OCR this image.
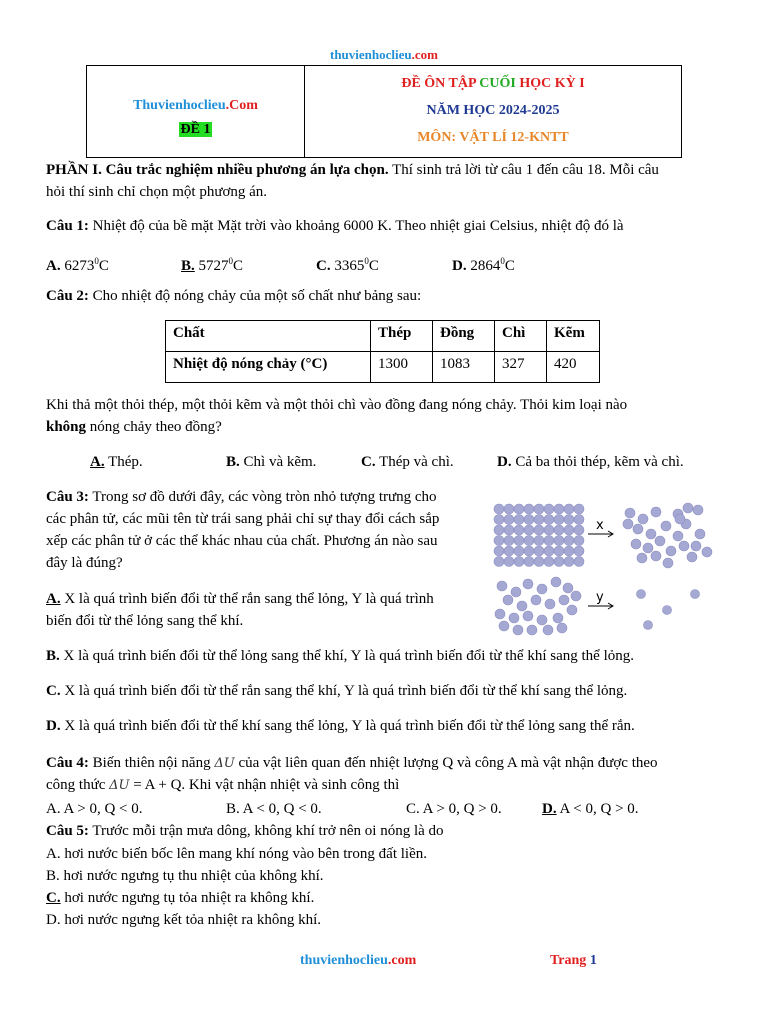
thuvienhoclieu.com
Thuvienhoclieu.Com
ĐỀ 1
ĐỀ ÔN TẬP CUỐI HỌC KỲ I
NĂM HỌC 2024-2025
MÔN: VẬT LÍ 12-KNTT
PHẦN I. Câu trắc nghiệm nhiều phương án lựa chọn. Thí sinh trả lời từ câu 1 đến câu 18. Mỗi câu
hỏi thí sinh chỉ chọn một phương án.
Câu 1: Nhiệt độ của bề mặt Mặt trời vào khoảng 6000 K. Theo nhiệt giai Celsius, nhiệt độ đó là
A. 6273$^0$C	B. 5727$^0$C	C. 3365$^0$C	D. 2864$^0$C
Câu 2: Cho nhiệt độ nóng chảy của một số chất như bảng sau:
Chất	Thép	Đồng	Chì	Kẽm
Nhiệt độ nóng chảy (°C)	1300	1083	327	420
Khi thả một thỏi thép, một thỏi kẽm và một thỏi chì vào đồng đang nóng chảy. Thỏi kim loại nào
không nóng chảy theo đồng?
A. Thép.	B. Chì và kẽm.	C. Thép và chì.	D. Cả ba thỏi thép, kẽm và chì.
Câu 3: Trong sơ đồ dưới đây, các vòng tròn nhỏ tượng trưng cho
các phân tử, các mũi tên từ trái sang phải chỉ sự thay đổi cách sắp
xếp các phân tử ở các thể khác nhau của chất. Phương án nào sau
đây là đúng?
x
y
A. X là quá trình biến đổi từ thể rắn sang thể lỏng, Y là quá trình
biến đổi từ thể lỏng sang thể khí.
B. X là quá trình biến đổi từ thể lỏng sang thể khí, Y là quá trình biến đổi từ thể khí sang thể lỏng.
C. X là quá trình biến đổi từ thể rắn sang thể khí, Y là quá trình biến đổi từ thể khí sang thể lỏng.
D. X là quá trình biến đổi từ thể khí sang thể lỏng, Y là quá trình biến đổi từ thể lỏng sang thể rắn.
Câu 4: Biến thiên nội năng ΔU của vật liên quan đến nhiệt lượng Q và công A mà vật nhận được theo
công thức ΔU = A + Q. Khi vật nhận nhiệt và sinh công thì
A. A > 0, Q < 0.	B. A < 0, Q < 0.	C. A > 0, Q > 0.	D. A < 0, Q > 0.
Câu 5: Trước mỗi trận mưa dông, không khí trở nên oi nóng là do
A. hơi nước biến bốc lên mang khí nóng vào bên trong đất liền.
B. hơi nước ngưng tụ thu nhiệt của không khí.
C. hơi nước ngưng tụ tỏa nhiệt ra không khí.
D. hơi nước ngưng kết tỏa nhiệt ra không khí.
thuvienhoclieu.com	Trang 1
